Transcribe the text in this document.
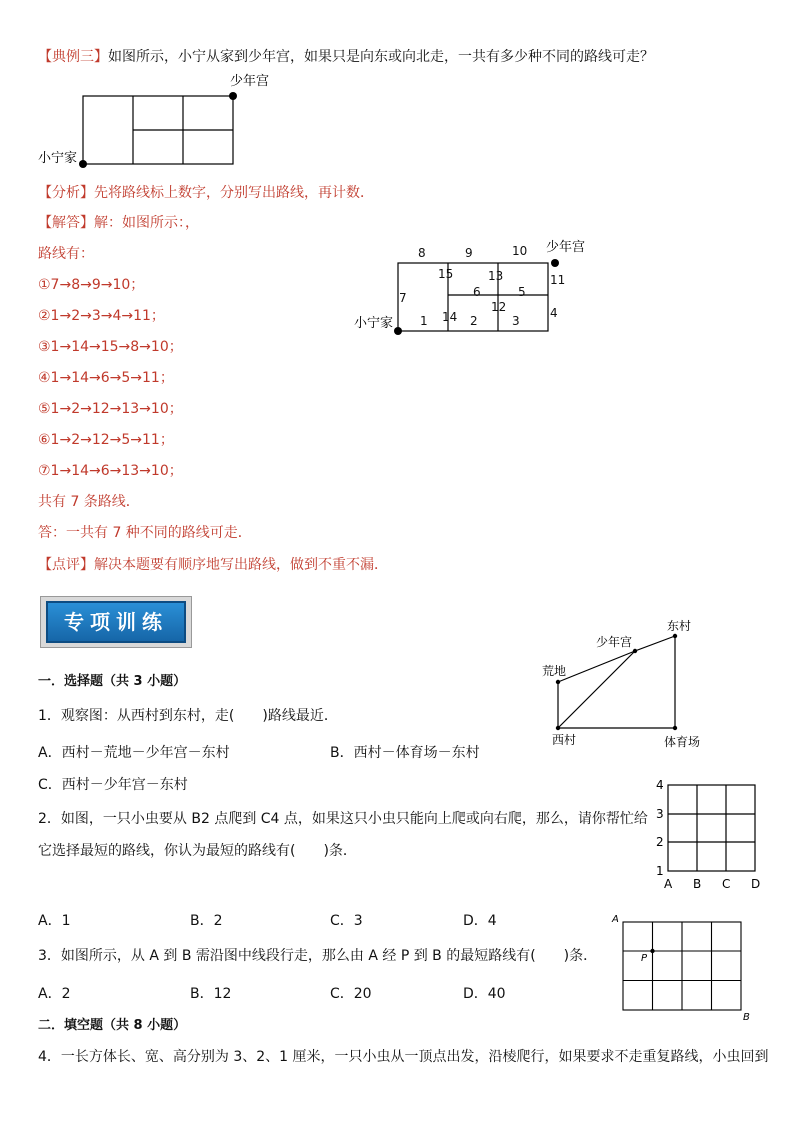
【典例三】如图所示，小宁从家到少年宫，如果只是向东或向北走，一共有多少种不同的路线可走？
少年宫
小宁家
【分析】先将路线标上数字，分别写出路线，再计数．
【解答】解：如图所示：，
路线有：
①7→8→9→10；
②1→2→3→4→11；
③1→14→15→8→10；
④1→14→6→5→11；
⑤1→2→12→13→10；
⑥1→2→12→5→11；
⑦1→14→6→13→10；
共有 7 条路线．
答：一共有 7 种不同的路线可走．
【点评】解决本题要有顺序地写出路线，做到不重不漏．
少年宫
小宁家
8	9	10
11
15	13
6	5
12
7
14
1	2	3
4
专项训练
一．选择题（共 3 小题）
1．观察图：从西村到东村，走(　　)路线最近．
A．西村－荒地－少年宫－东村	B．西村－体育场－东村
C．西村－少年宫－东村
少年宫
东村
荒地
西村	体育场
2．如图，一只小虫要从 B2 点爬到 C4 点，如果这只小虫只能向上爬或向右爬，那么，请你帮忙给
它选择最短的路线，你认为最短的路线有(　　)条．
A．1	B．2	C．3	D．4
4
3
2
1
A B C D
3．如图所示，从 A 到 B 需沿图中线段行走，那么由 A 经 P 到 B 的最短路线有(　　)条．
A．2	B．12	C．20	D．40
A
P
B
二．填空题（共 8 小题）
4．一长方体长、宽、高分别为 3、2、1 厘米，一只小虫从一顶点出发，沿棱爬行，如果要求不走重复路线，小虫回到
